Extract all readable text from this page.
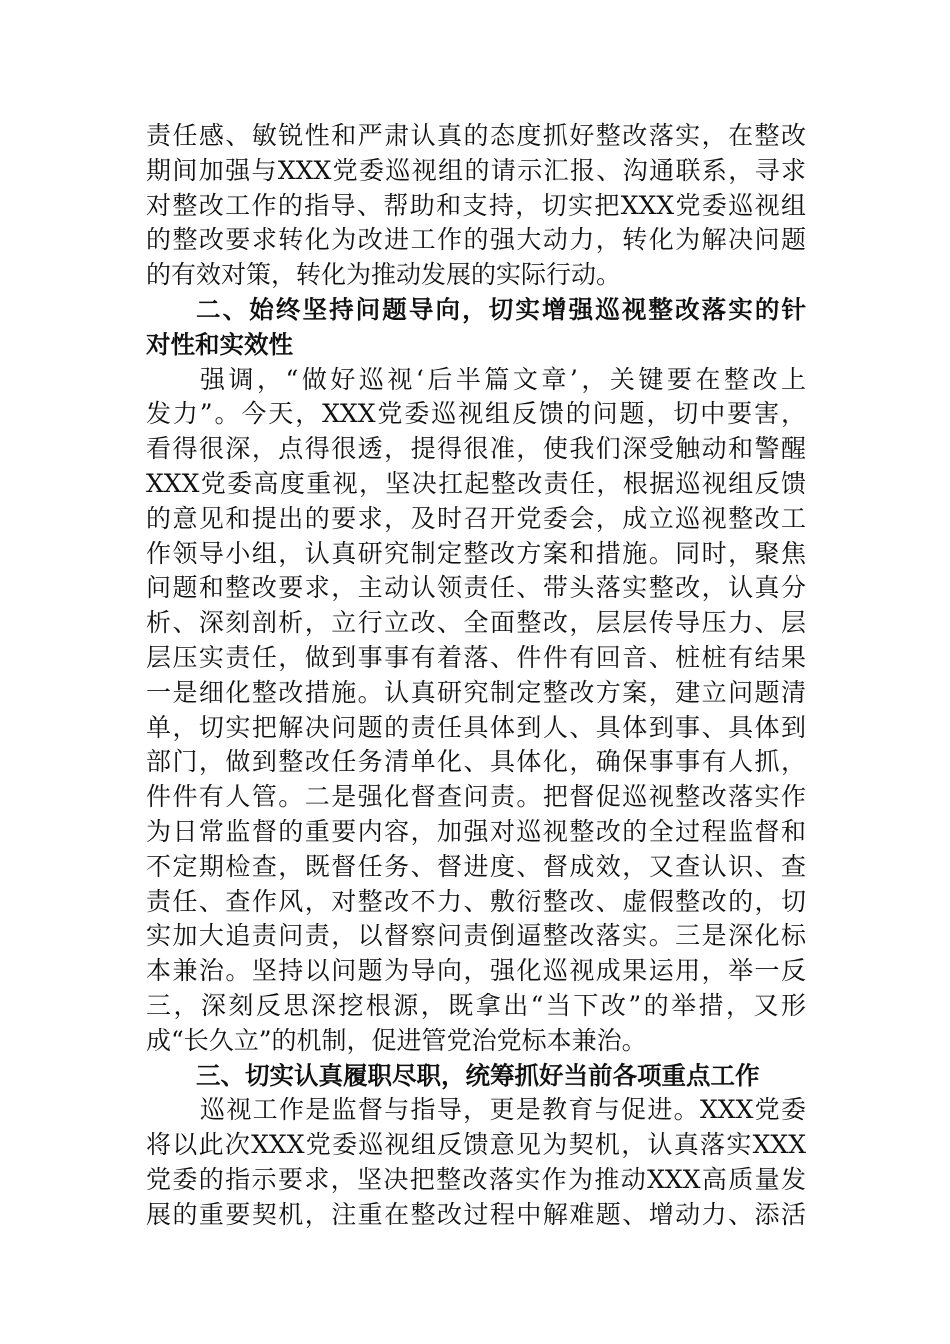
责任感、敏锐性和严肃认真的态度抓好整改落实，在整改
期间加强与XXX党委巡视组的请示汇报、沟通联系，寻求
对整改工作的指导、帮助和支持，切实把XXX党委巡视组
的整改要求转化为改进工作的强大动力，转化为解决问题
的有效对策，转化为推动发展的实际行动。
二、始终坚持问题导向，切实增强巡视整改落实的针
对性和实效性
强调，“做好巡视‘后半篇文章’，关键要在整改上
发力”。今天，XXX党委巡视组反馈的问题，切中要害，
看得很深，点得很透，提得很准，使我们深受触动和警醒
XXX党委高度重视，坚决扛起整改责任，根据巡视组反馈
的意见和提出的要求，及时召开党委会，成立巡视整改工
作领导小组，认真研究制定整改方案和措施。同时，聚焦
问题和整改要求，主动认领责任、带头落实整改，认真分
析、深刻剖析，立行立改、全面整改，层层传导压力、层
层压实责任，做到事事有着落、件件有回音、桩桩有结果
一是细化整改措施。认真研究制定整改方案，建立问题清
单，切实把解决问题的责任具体到人、具体到事、具体到
部门，做到整改任务清单化、具体化，确保事事有人抓，
件件有人管。二是强化督查问责。把督促巡视整改落实作
为日常监督的重要内容，加强对巡视整改的全过程监督和
不定期检查，既督任务、督进度、督成效，又查认识、查
责任、查作风，对整改不力、敷衍整改、虚假整改的，切
实加大追责问责，以督察问责倒逼整改落实。三是深化标
本兼治。坚持以问题为导向，强化巡视成果运用，举一反
三，深刻反思深挖根源，既拿出“当下改”的举措，又形
成“长久立”的机制，促进管党治党标本兼治。
三、切实认真履职尽职，统筹抓好当前各项重点工作
巡视工作是监督与指导，更是教育与促进。XXX党委
将以此次XXX党委巡视组反馈意见为契机，认真落实XXX
党委的指示要求，坚决把整改落实作为推动XXX高质量发
展的重要契机，注重在整改过程中解难题、增动力、添活
